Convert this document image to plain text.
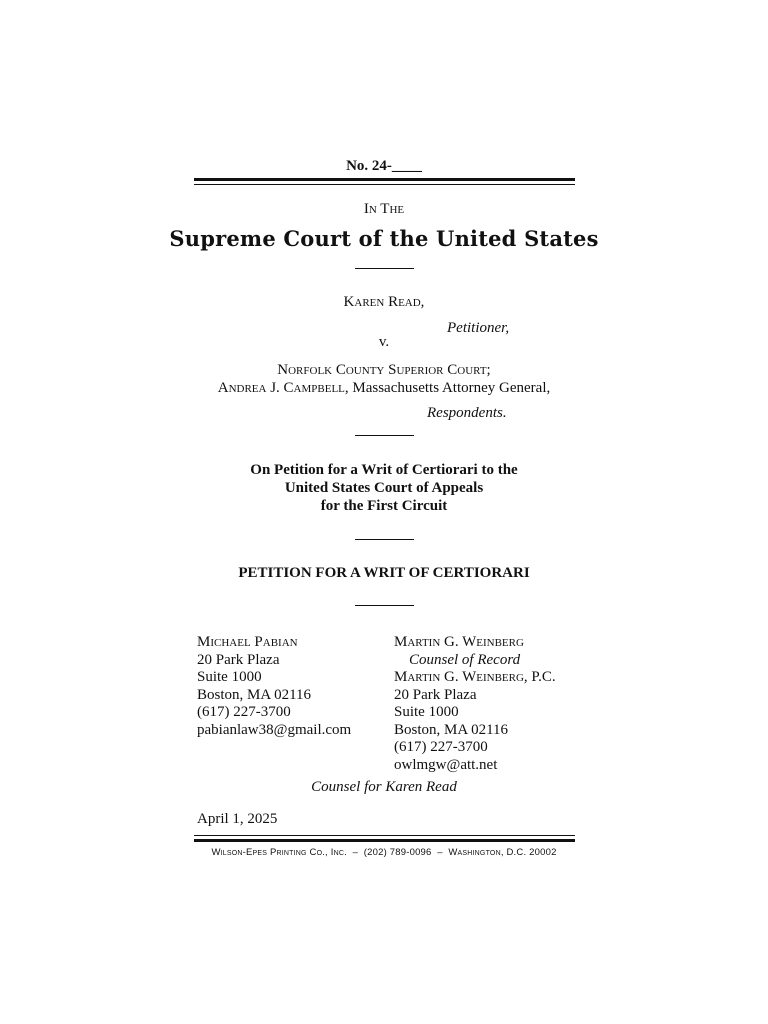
No. 24-____
In The
Supreme Court of the United States
Karen Read,
Petitioner,
v.
Norfolk County Superior Court;
Andrea J. Campbell, Massachusetts Attorney General,
Respondents.
On Petition for a Writ of Certiorari to the
United States Court of Appeals
for the First Circuit
PETITION FOR A WRIT OF CERTIORARI
Michael Pabian
20 Park Plaza
Suite 1000
Boston, MA 02116
(617) 227-3700
pabianlaw38@gmail.com
Martin G. Weinberg
Counsel of Record
Martin G. Weinberg, P.C.
20 Park Plaza
Suite 1000
Boston, MA 02116
(617) 227-3700
owlmgw@att.net
Counsel for Karen Read
April 1, 2025
Wilson-Epes Printing Co., Inc.  –  (202) 789-0096  –  Washington, D.C. 20002
